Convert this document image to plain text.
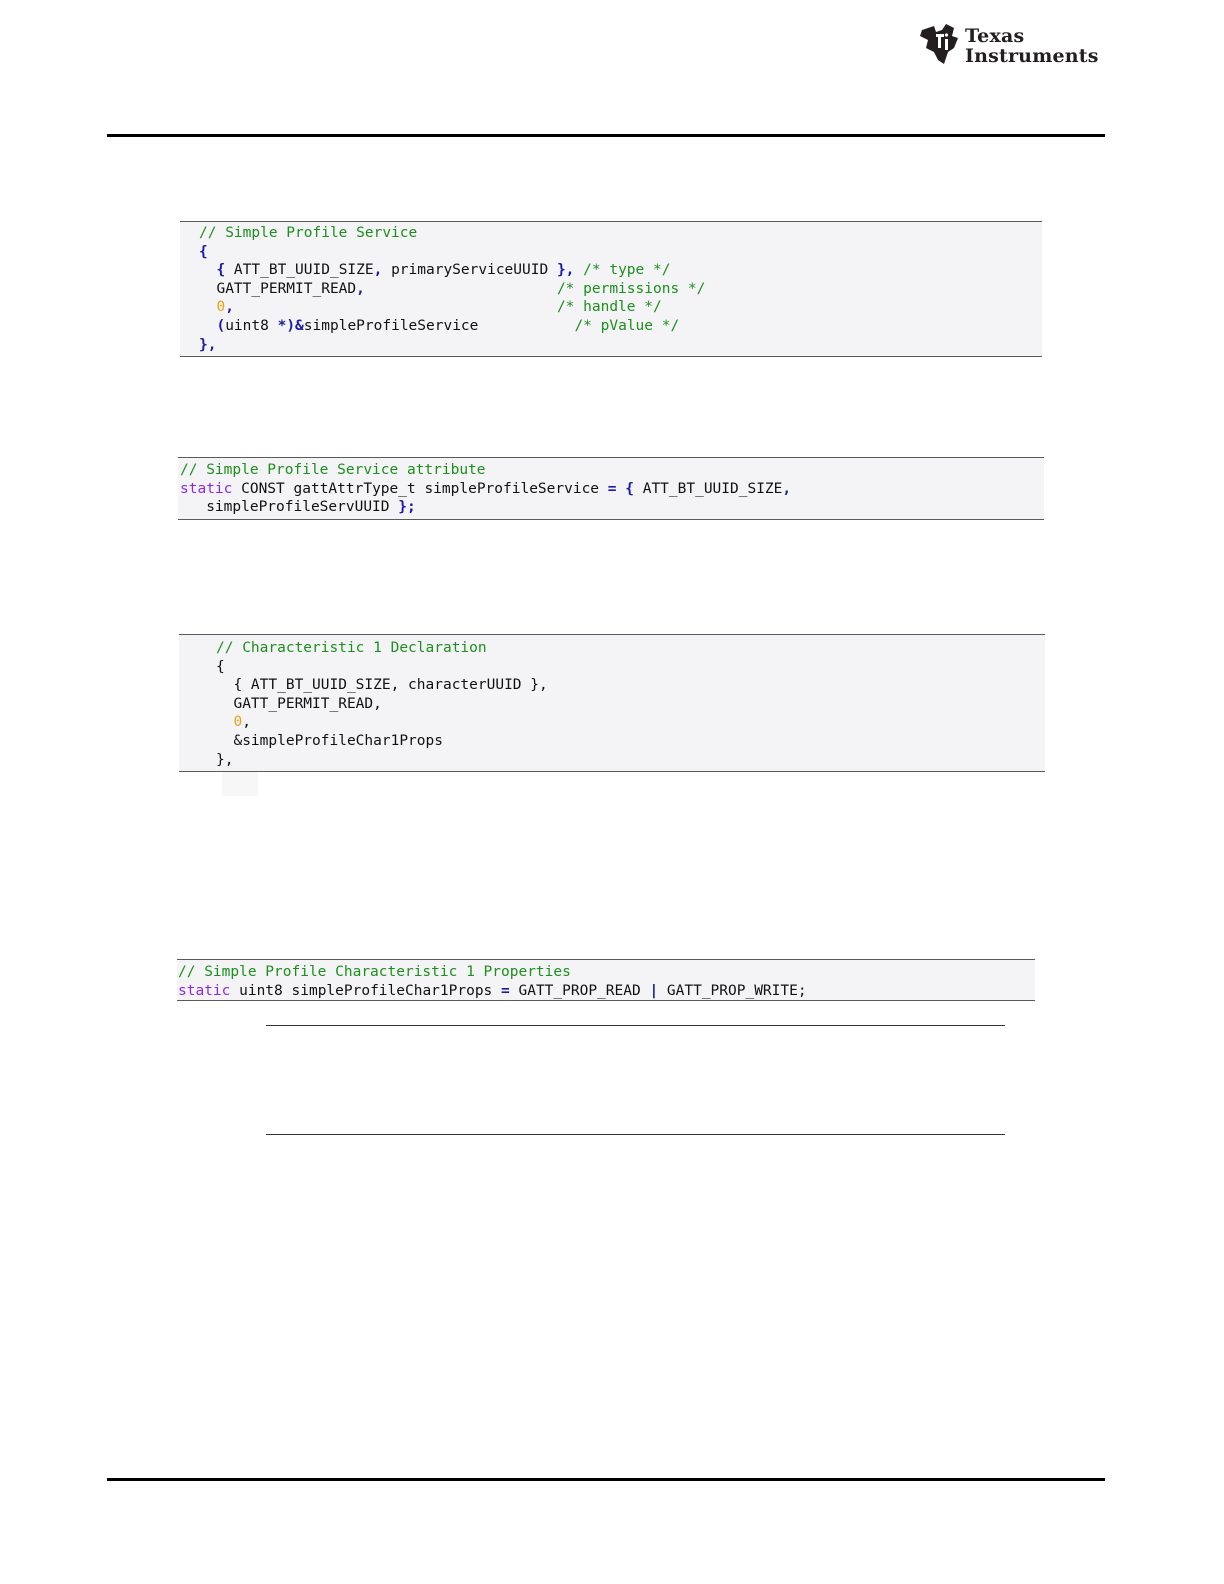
Texas
Instruments
// Simple Profile Service
{
{ ATT_BT_UUID_SIZE, primaryServiceUUID }, /* type */
GATT_PERMIT_READ,	/* permissions */
0,	/* handle */
(uint8 *)&simpleProfileService	/* pValue */
},
// Simple Profile Service attribute
static CONST gattAttrType_t simpleProfileService = { ATT_BT_UUID_SIZE,
simpleProfileServUUID };
// Characteristic 1 Declaration
{
{ ATT_BT_UUID_SIZE, characterUUID },
GATT_PERMIT_READ,
0,
&simpleProfileChar1Props
},
// Simple Profile Characteristic 1 Properties
static uint8 simpleProfileChar1Props = GATT_PROP_READ | GATT_PROP_WRITE;
